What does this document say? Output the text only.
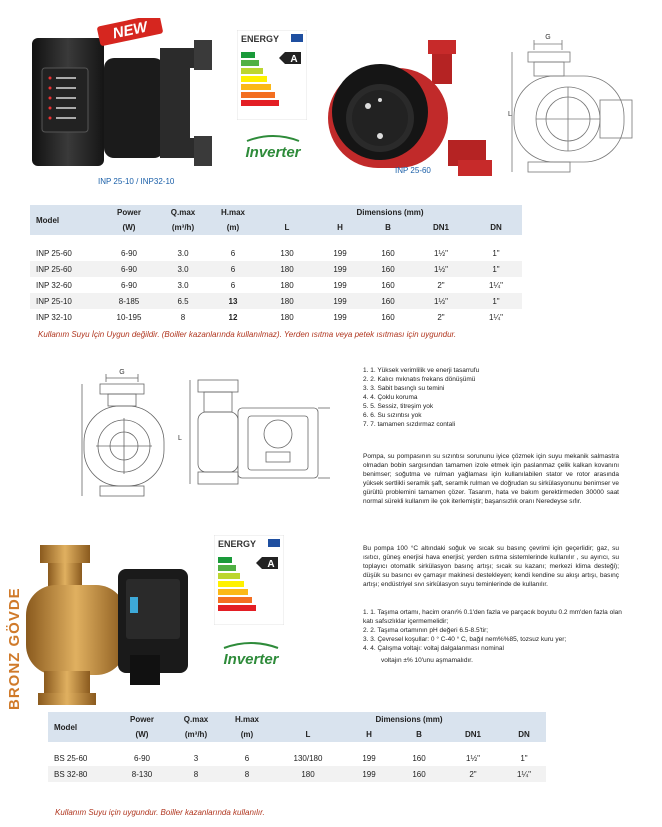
NEW
INP 25-10 / INP32-10
ENERGY
A
Inverter
INP 25-60
G
L
Model	Power	Q.max	H.max	Dimensions (mm)				
	(W)	(m³/h)	(m)	L	H	B	DN1	DN

INP 25-60	6-90	3.0	6	130	199	160	1½"	1"
INP 25-60	6-90	3.0	6	180	199	160	1½"	1"
INP 32-60	6-90	3.0	6	180	199	160	2"	1¼"
INP 25-10	8-185	6.5	13	180	199	160	1½"	1"
INP 32-10	10-195	8	12	180	199	160	2"	1¼"
Kullanım Suyu İçin Uygun değildir. (Boiller kazanlarında kullanılmaz). Yerden ısıtma veya petek ısıtması için uygundur.
G
L
1. 1. Yüksek verimlilik ve enerji tasarrufu
2. 2. Kalıcı mıknatıs frekans dönüşümü
3. 3. Sabit basınçlı su temini
4. 4. Çoklu koruma
5. 5. Sessiz, titreşim yok
6. 6. Su sızıntısı yok
7. 7. tamamen sızdırmaz contali
Pompa, su pompasının su sızıntısı sorununu iyice çözmek için suyu mekanik salmastra olmadan bobin sargısından tamamen izole etmek için paslanmaz çelik kalkan kovanını benimser; soğutma ve rulman yağlaması için kullanılabilen stator ve rotor arasında yüksek sertlikli seramik şaft, seramik rulman ve doğrudan su sirkülasyonunu benimser ve gürültü problemini tamamen çözer. Tasarım, hata ve bakım gerektirmeden 30000 saat normal sürekli kullanım ile çok iterlemiştir; başarısızlık oranı Neredeyse sıfır.
Bu pompa 100 °C altındaki soğuk ve sıcak su basınç çevrimi için geçerlidir; gaz, su ısıtıcı, güneş enerjisi hava enerjisi; yerden ısıtma sistemlerinde kullanılır , su ayırıcı, su toplayıcı otomatik sirkülasyon basınç artışı; sıcak su kazanı; merkezi klima desteği); düşük su basıncı ev çamaşır makinesi destekleyen; kendi kendine su akışı artışı, basınç artışı; endüstriyel sıvı sirkülasyon suyu teminlerinde de kullanılır.
1. 1. Taşıma ortamı, hacim oranı% 0.1'den fazla ve parçacık boyutu 0.2 mm'den fazla olan katı safsızlıklar içermemelidir;
2. 2. Taşıma ortamının pH değeri 6.5-8.5'tir;
3. 3. Çevresel koşullar: 0 ° C-40 ° C, bağıl nem%%85, tozsuz kuru yer;
4. 4. Çalışma voltajı: voltaj dalgalanması nominal
voltajın ±% 10'unu aşmamalıdır.
BRONZ GÖVDE
ENERGY
A
Inverter
Model	Power	Q.max	H.max	Dimensions (mm)				
	(W)	(m³/h)	(m)	L	H	B	DN1	DN

BS 25-60	6-90	3	6	130/180	199	160	1½"	1"
BS 32-80	8-130	8	8	180	199	160	2"	1¼"
Kullanım Suyu için uygundur. Boiller kazanlarında kullanılır.
